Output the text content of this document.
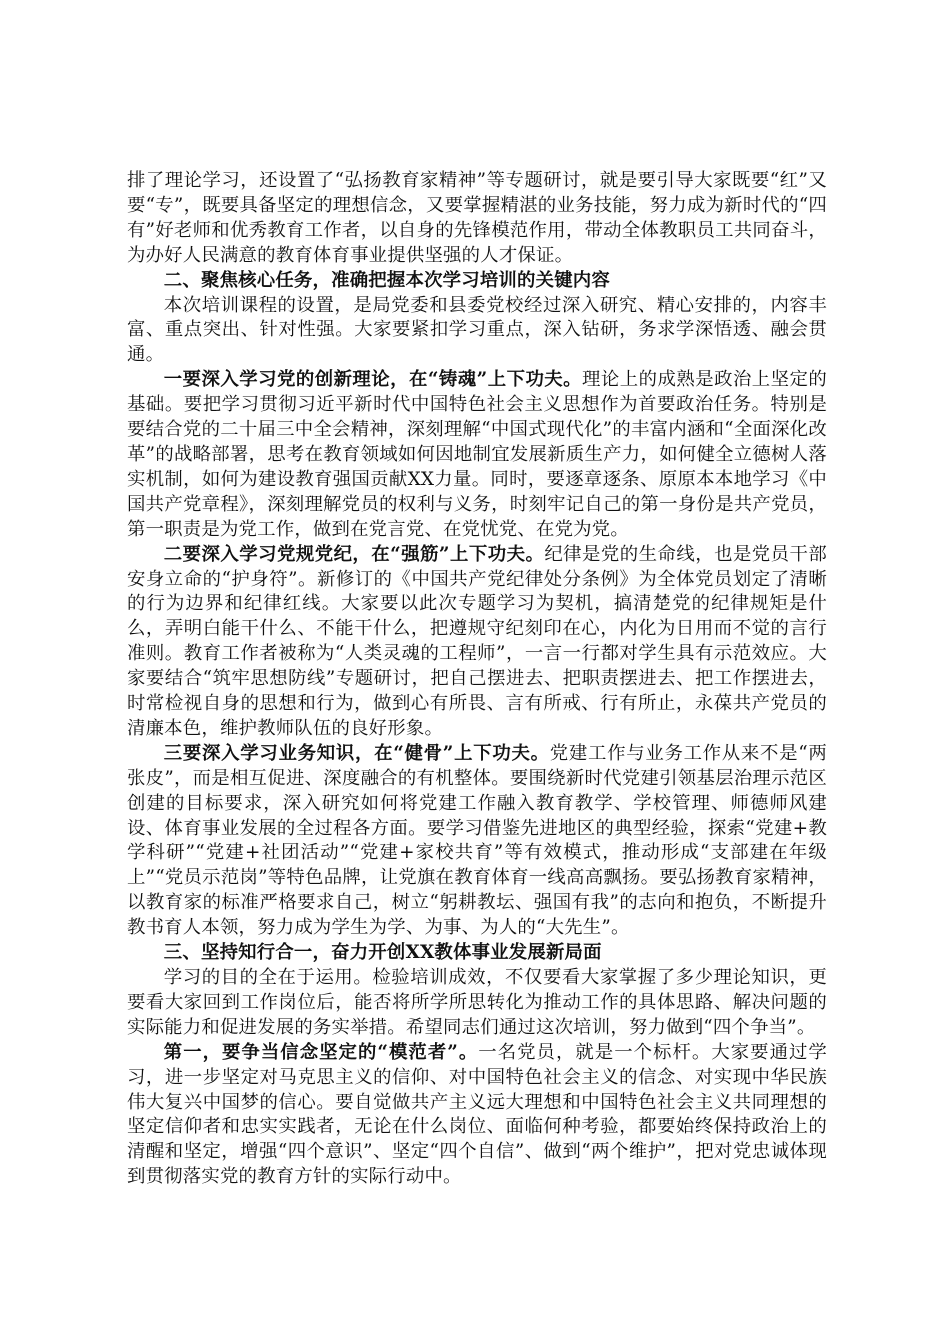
排了理论学习，还设置了“弘扬教育家精神”等专题研讨，就是要引导大家既要“红”又要“专”，既要具备坚定的理想信念，又要掌握精湛的业务技能，努力成为新时代的“四有”好老师和优秀教育工作者，以自身的先锋模范作用，带动全体教职员工共同奋斗，为办好人民满意的教育体育事业提供坚强的人才保证。

二、聚焦核心任务，准确把握本次学习培训的关键内容

本次培训课程的设置，是局党委和县委党校经过深入研究、精心安排的，内容丰富、重点突出、针对性强。大家要紧扣学习重点，深入钻研，务求学深悟透、融会贯通。

一要深入学习党的创新理论，在“铸魂”上下功夫。理论上的成熟是政治上坚定的基础。要把学习贯彻习近平新时代中国特色社会主义思想作为首要政治任务。特别是要结合党的二十届三中全会精神，深刻理解“中国式现代化”的丰富内涵和“全面深化改革”的战略部署，思考在教育领域如何因地制宜发展新质生产力，如何健全立德树人落实机制，如何为建设教育强国贡献XX力量。同时，要逐章逐条、原原本本地学习《中国共产党章程》，深刻理解党员的权利与义务，时刻牢记自己的第一身份是共产党员，第一职责是为党工作，做到在党言党、在党忧党、在党为党。

二要深入学习党规党纪，在“强筋”上下功夫。纪律是党的生命线，也是党员干部安身立命的“护身符”。新修订的《中国共产党纪律处分条例》为全体党员划定了清晰的行为边界和纪律红线。大家要以此次专题学习为契机，搞清楚党的纪律规矩是什么，弄明白能干什么、不能干什么，把遵规守纪刻印在心，内化为日用而不觉的言行准则。教育工作者被称为“人类灵魂的工程师”，一言一行都对学生具有示范效应。大家要结合“筑牢思想防线”专题研讨，把自己摆进去、把职责摆进去、把工作摆进去，时常检视自身的思想和行为，做到心有所畏、言有所戒、行有所止，永葆共产党员的清廉本色，维护教师队伍的良好形象。

三要深入学习业务知识，在“健骨”上下功夫。党建工作与业务工作从来不是“两张皮”，而是相互促进、深度融合的有机整体。要围绕新时代党建引领基层治理示范区创建的目标要求，深入研究如何将党建工作融入教育教学、学校管理、师德师风建设、体育事业发展的全过程各方面。要学习借鉴先进地区的典型经验，探索“党建+教学科研”“党建+社团活动”“党建+家校共育”等有效模式，推动形成“支部建在年级上”“党员示范岗”等特色品牌，让党旗在教育体育一线高高飘扬。要弘扬教育家精神，以教育家的标准严格要求自己，树立“躬耕教坛、强国有我”的志向和抱负，不断提升教书育人本领，努力成为学生为学、为事、为人的“大先生”。

三、坚持知行合一，奋力开创XX教体事业发展新局面

学习的目的全在于运用。检验培训成效，不仅要看大家掌握了多少理论知识，更要看大家回到工作岗位后，能否将所学所思转化为推动工作的具体思路、解决问题的实际能力和促进发展的务实举措。希望同志们通过这次培训，努力做到“四个争当”。

第一，要争当信念坚定的“模范者”。一名党员，就是一个标杆。大家要通过学习，进一步坚定对马克思主义的信仰、对中国特色社会主义的信念、对实现中华民族伟大复兴中国梦的信心。要自觉做共产主义远大理想和中国特色社会主义共同理想的坚定信仰者和忠实实践者，无论在什么岗位、面临何种考验，都要始终保持政治上的清醒和坚定，增强“四个意识”、坚定“四个自信”、做到“两个维护”，把对党忠诚体现到贯彻落实党的教育方针的实际行动中。
